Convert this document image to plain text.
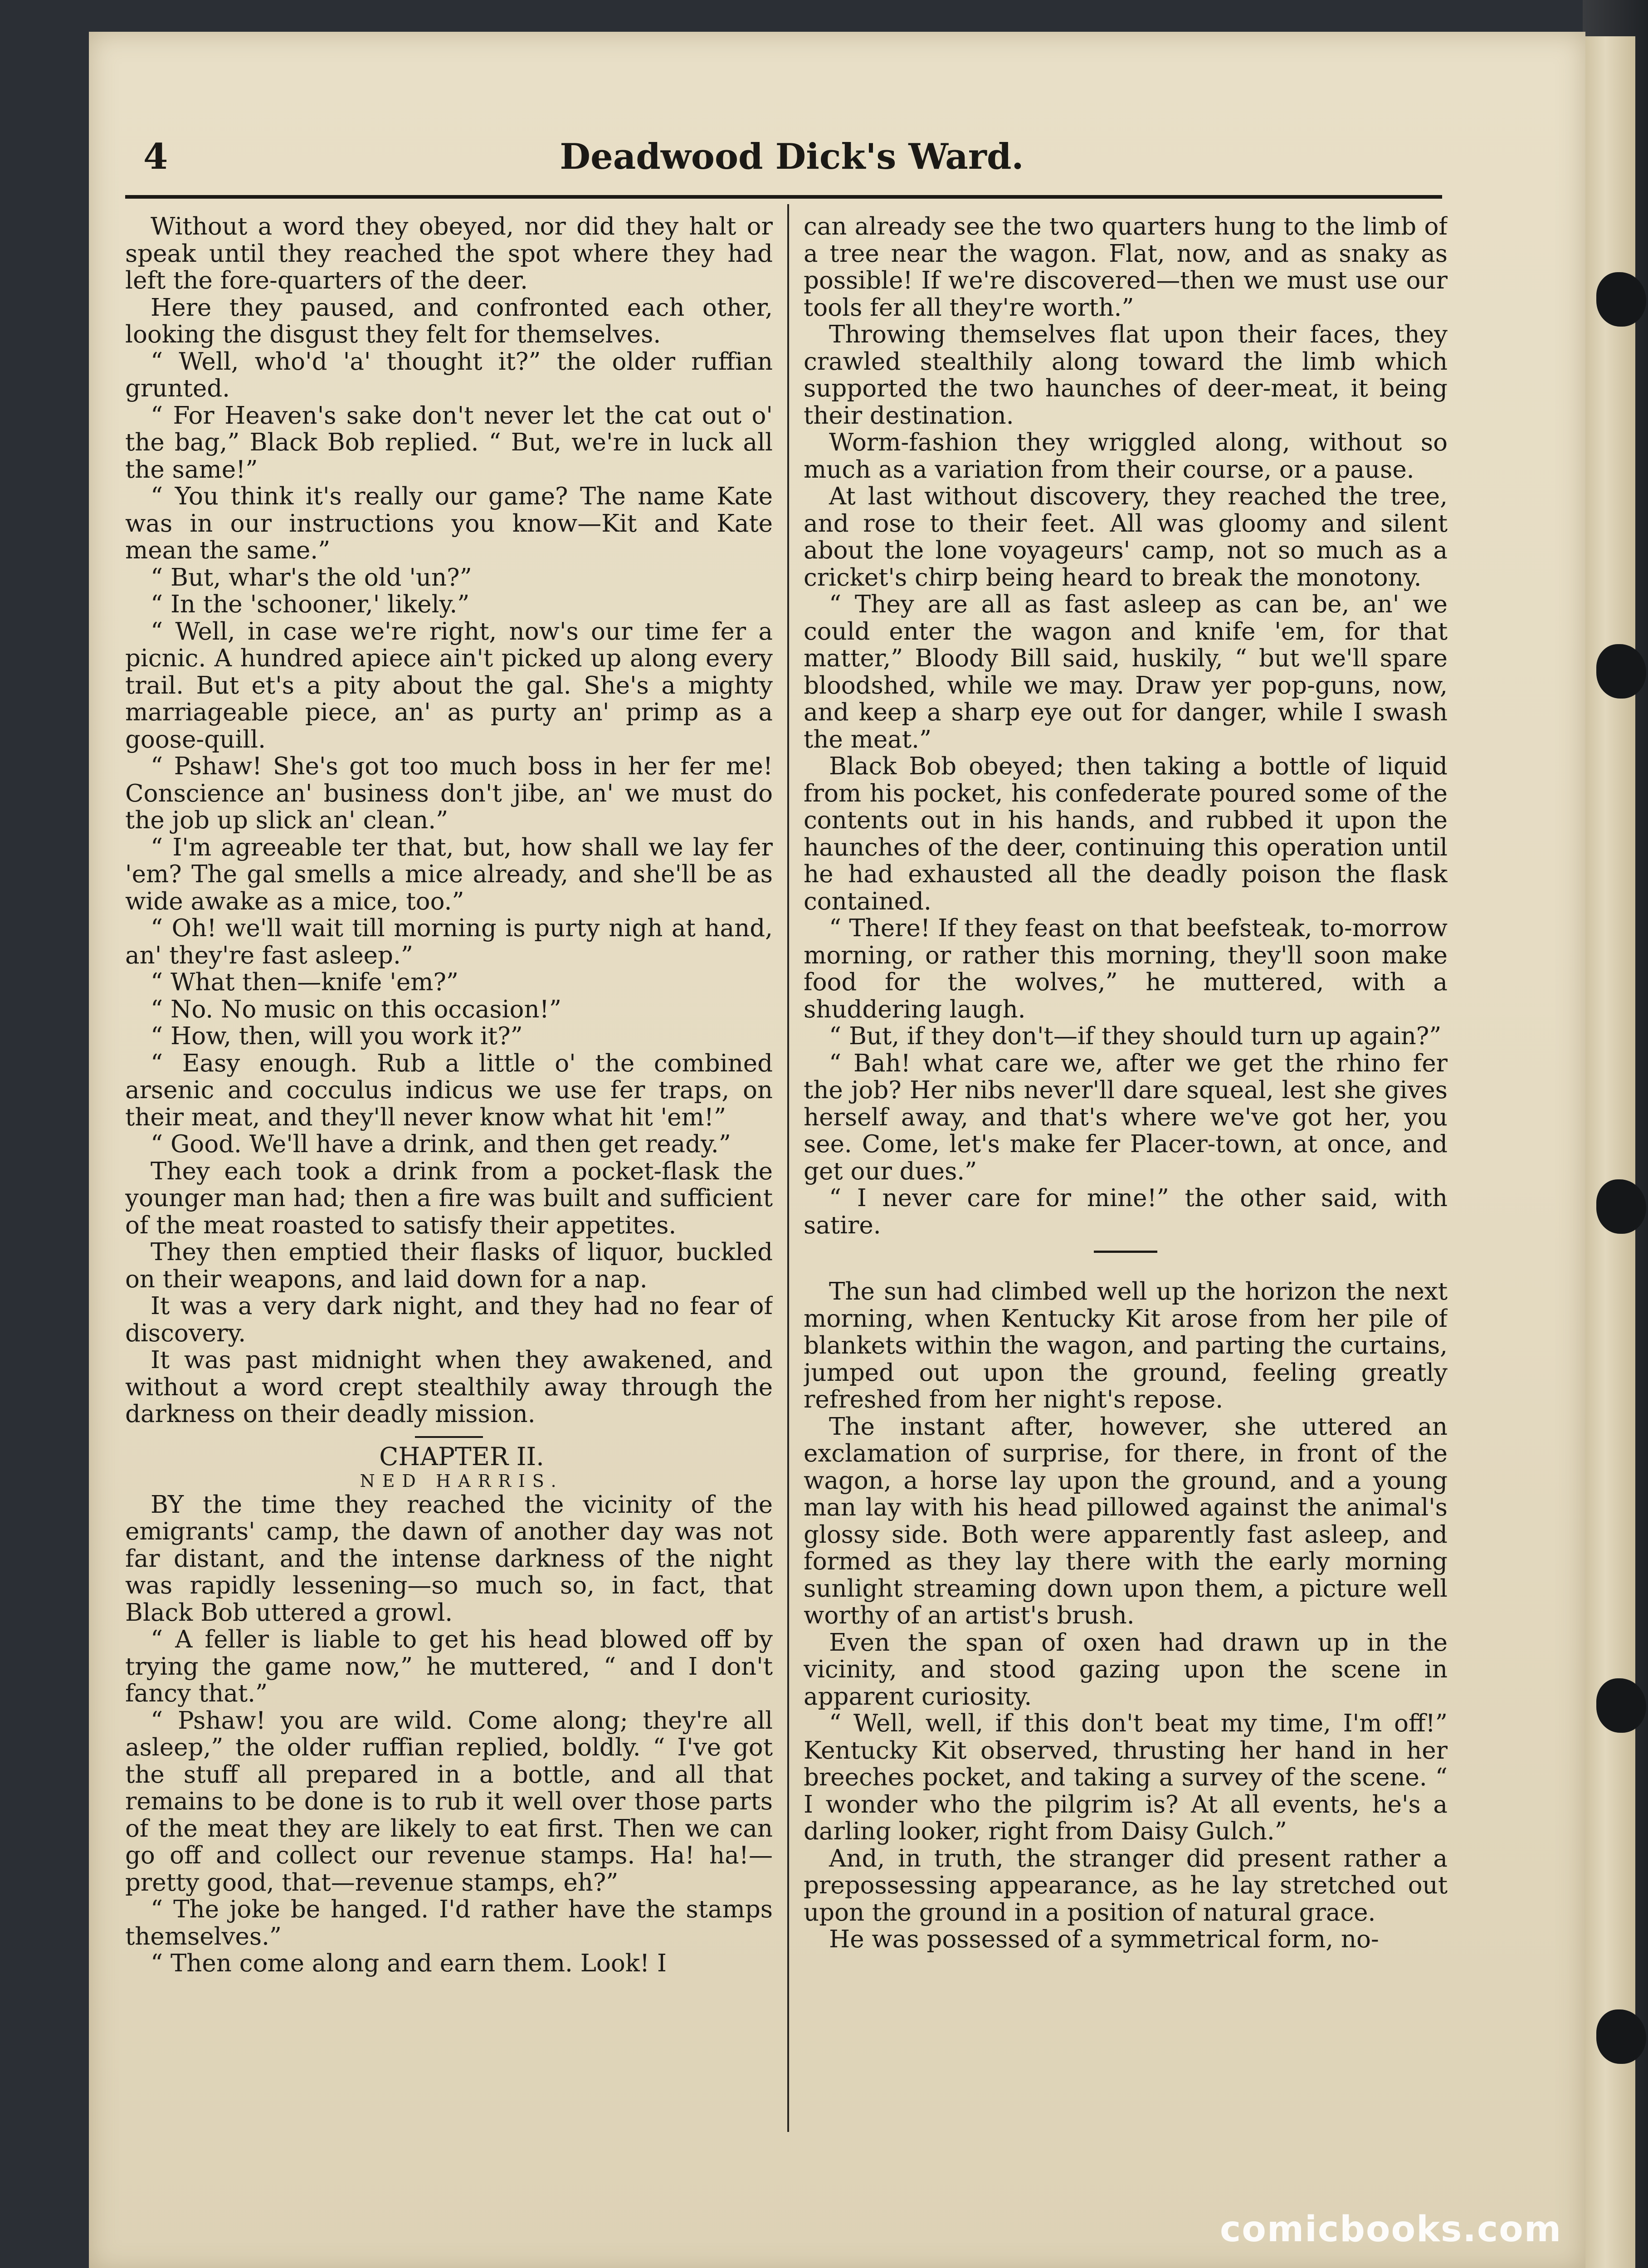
4	Deadwood Dick's Ward.

Without a word they obeyed, nor did they halt or speak until they reached the spot where they had left the fore-quarters of the deer.

Here they paused, and confronted each other, looking the disgust they felt for themselves.

“ Well, who'd 'a' thought it?” the older ruffian grunted.

“ For Heaven's sake don't never let the cat out o' the bag,” Black Bob replied. “ But, we're in luck all the same!”

“ You think it's really our game? The name Kate was in our instructions you know—Kit and Kate mean the same.”

“ But, whar's the old 'un?”

“ In the 'schooner,' likely.”

“ Well, in case we're right, now's our time fer a picnic. A hundred apiece ain't picked up along every trail. But et's a pity about the gal. She's a mighty marriageable piece, an' as purty an' primp as a goose-quill.

“ Pshaw! She's got too much boss in her fer me! Conscience an' business don't jibe, an' we must do the job up slick an' clean.”

“ I'm agreeable ter that, but, how shall we lay fer 'em? The gal smells a mice already, and she'll be as wide awake as a mice, too.”

“ Oh! we'll wait till morning is purty nigh at hand, an' they're fast asleep.”

“ What then—knife 'em?”

“ No. No music on this occasion!”

“ How, then, will you work it?”

“ Easy enough. Rub a little o' the combined arsenic and cocculus indicus we use fer traps, on their meat, and they'll never know what hit 'em!”

“ Good. We'll have a drink, and then get ready.”

They each took a drink from a pocket-flask the younger man had; then a fire was built and sufficient of the meat roasted to satisfy their appetites.

They then emptied their flasks of liquor, buckled on their weapons, and laid down for a nap.

It was a very dark night, and they had no fear of discovery.

It was past midnight when they awakened, and without a word crept stealthily away through the darkness on their deadly mission.

CHAPTER II.

NED HARRIS.

BY the time they reached the vicinity of the emigrants' camp, the dawn of another day was not far distant, and the intense darkness of the night was rapidly lessening—so much so, in fact, that Black Bob uttered a growl.

“ A feller is liable to get his head blowed off by trying the game now,” he muttered, “ and I don't fancy that.”

“ Pshaw! you are wild. Come along; they're all asleep,” the older ruffian replied, boldly. “ I've got the stuff all prepared in a bottle, and all that remains to be done is to rub it well over those parts of the meat they are likely to eat first. Then we can go off and collect our revenue stamps. Ha! ha!—pretty good, that—revenue stamps, eh?”

“ The joke be hanged. I'd rather have the stamps themselves.”

“ Then come along and earn them. Look! I

can already see the two quarters hung to the limb of a tree near the wagon. Flat, now, and as snaky as possible! If we're discovered—then we must use our tools fer all they're worth.”

Throwing themselves flat upon their faces, they crawled stealthily along toward the limb which supported the two haunches of deer-meat, it being their destination.

Worm-fashion they wriggled along, without so much as a variation from their course, or a pause.

At last without discovery, they reached the tree, and rose to their feet. All was gloomy and silent about the lone voyageurs' camp, not so much as a cricket's chirp being heard to break the monotony.

“ They are all as fast asleep as can be, an' we could enter the wagon and knife 'em, for that matter,” Bloody Bill said, huskily, “ but we'll spare bloodshed, while we may. Draw yer pop-guns, now, and keep a sharp eye out for danger, while I swash the meat.”

Black Bob obeyed; then taking a bottle of liquid from his pocket, his confederate poured some of the contents out in his hands, and rubbed it upon the haunches of the deer, continuing this operation until he had exhausted all the deadly poison the flask contained.

“ There! If they feast on that beefsteak, to-morrow morning, or rather this morning, they'll soon make food for the wolves,” he muttered, with a shuddering laugh.

“ But, if they don't—if they should turn up again?”

“ Bah! what care we, after we get the rhino fer the job? Her nibs never'll dare squeal, lest she gives herself away, and that's where we've got her, you see. Come, let's make fer Placer-town, at once, and get our dues.”

“ I never care for mine!” the other said, with satire.

The sun had climbed well up the horizon the next morning, when Kentucky Kit arose from her pile of blankets within the wagon, and parting the curtains, jumped out upon the ground, feeling greatly refreshed from her night's repose.

The instant after, however, she uttered an exclamation of surprise, for there, in front of the wagon, a horse lay upon the ground, and a young man lay with his head pillowed against the animal's glossy side. Both were apparently fast asleep, and formed as they lay there with the early morning sunlight streaming down upon them, a picture well worthy of an artist's brush.

Even the span of oxen had drawn up in the vicinity, and stood gazing upon the scene in apparent curiosity.

“ Well, well, if this don't beat my time, I'm off!” Kentucky Kit observed, thrusting her hand in her breeches pocket, and taking a survey of the scene. “ I wonder who the pilgrim is? At all events, he's a darling looker, right from Daisy Gulch.”

And, in truth, the stranger did present rather a prepossessing appearance, as he lay stretched out upon the ground in a position of natural grace.

He was possessed of a symmetrical form, no-

comicbooks.com
